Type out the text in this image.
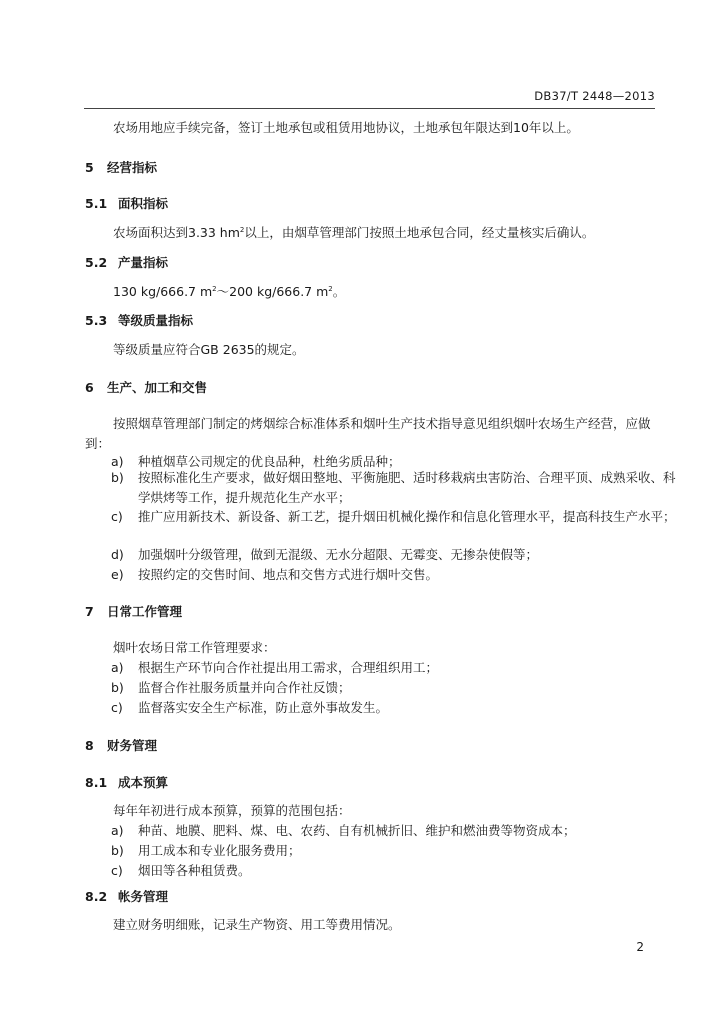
DB37/T 2448—2013
农场用地应手续完备，签订土地承包或租赁用地协议，土地承包年限达到10年以上。
5 经营指标
5.1 面积指标
农场面积达到3.33 $hm^2$以上，由烟草管理部门按照土地承包合同，经丈量核实后确认。
5.2 产量指标
130 kg/666.7 $m^2\sim 200$ kg/666.7 $m^2$。
5.3 等级质量指标
等级质量应符合GB 2635的规定。
6 生产、加工和交售
按照烟草管理部门制定的烤烟综合标准体系和烟叶生产技术指导意见组织烟叶农场生产经营，应做到：
a) 种植烟草公司规定的优良品种，杜绝劣质品种；
b) 按照标准化生产要求，做好烟田整地、平衡施肥、适时移栽病虫害防治、合理平顶、成熟采收、科学烘烤等工作，提升规范化生产水平；
c) 推广应用新技术、新设备、新工艺，提升烟田机械化操作和信息化管理水平，提高科技生产水平；
d) 加强烟叶分级管理，做到无混级、无水分超限、无霉变、无掺杂使假等；
e) 按照约定的交售时间、地点和交售方式进行烟叶交售。
7 日常工作管理
烟叶农场日常工作管理要求：
a) 根据生产环节向合作社提出用工需求，合理组织用工；
b) 监督合作社服务质量并向合作社反馈；
c) 监督落实安全生产标准，防止意外事故发生。
8 财务管理
8.1 成本预算
每年年初进行成本预算，预算的范围包括：
a) 种苗、地膜、肥料、煤、电、农药、自有机械折旧、维护和燃油费等物资成本；
b) 用工成本和专业化服务费用；
c) 烟田等各种租赁费。
8.2 帐务管理
建立财务明细账，记录生产物资、用工等费用情况。
2
